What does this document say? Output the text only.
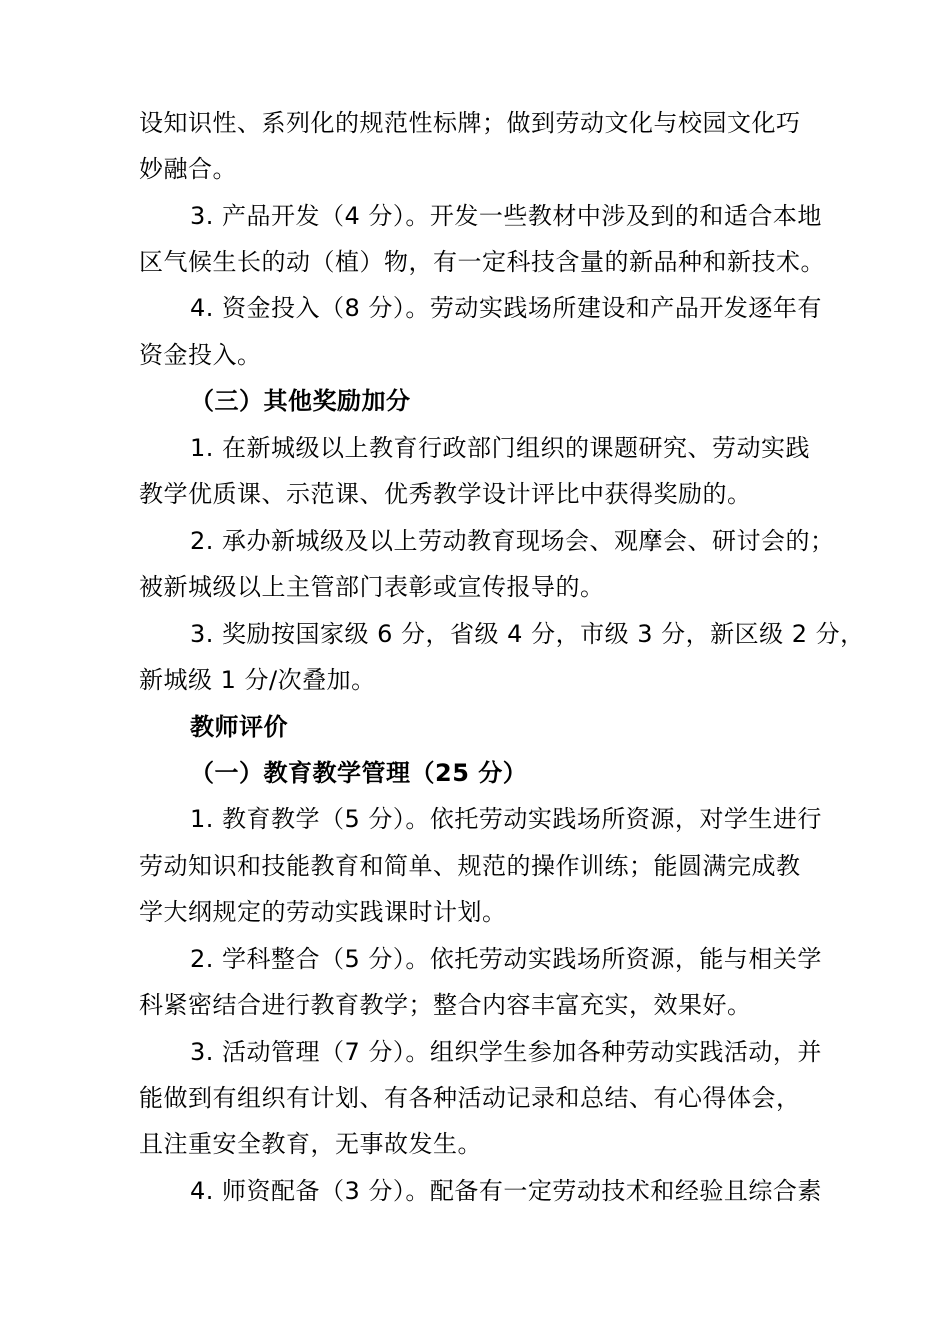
设知识性、系列化的规范性标牌；做到劳动文化与校园文化巧
妙融合。
3. 产品开发（4 分）。开发一些教材中涉及到的和适合本地
区气候生长的动（植）物，有一定科技含量的新品种和新技术。
4. 资金投入（8 分）。劳动实践场所建设和产品开发逐年有
资金投入。
（三）其他奖励加分
1. 在新城级以上教育行政部门组织的课题研究、劳动实践
教学优质课、示范课、优秀教学设计评比中获得奖励的。
2. 承办新城级及以上劳动教育现场会、观摩会、研讨会的；
被新城级以上主管部门表彰或宣传报导的。
3. 奖励按国家级 6 分，省级 4 分，市级 3 分，新区级 2 分，
新城级 1 分/次叠加。
教师评价
（一）教育教学管理（25 分）
1. 教育教学（5 分）。依托劳动实践场所资源，对学生进行
劳动知识和技能教育和简单、规范的操作训练；能圆满完成教
学大纲规定的劳动实践课时计划。
2. 学科整合（5 分）。依托劳动实践场所资源，能与相关学
科紧密结合进行教育教学；整合内容丰富充实，效果好。
3. 活动管理（7 分）。组织学生参加各种劳动实践活动，并
能做到有组织有计划、有各种活动记录和总结、有心得体会，
且注重安全教育，无事故发生。
4. 师资配备（3 分）。配备有一定劳动技术和经验且综合素
